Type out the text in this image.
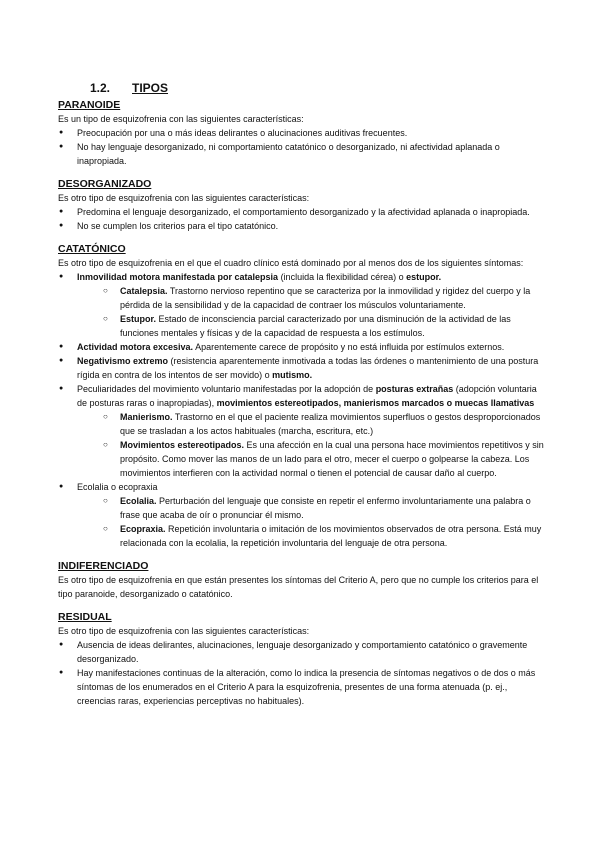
1.2. TIPOS
PARANOIDE

Es un tipo de esquizofrenia con las siguientes características:

● Preocupación por una o más ideas delirantes o alucinaciones auditivas frecuentes.
● No hay lenguaje desorganizado, ni comportamiento catatónico o desorganizado, ni afectividad aplanada o inapropiada.
DESORGANIZADO

Es otro tipo de esquizofrenia con las siguientes características:

● Predomina el lenguaje desorganizado, el comportamiento desorganizado y la afectividad aplanada o inapropiada.
● No se cumplen los criterios para el tipo catatónico.
CATATÓNICO

Es otro tipo de esquizofrenia en el que el cuadro clínico está dominado por al menos dos de los siguientes síntomas:

● Inmovilidad motora manifestada por catalepsia (incluida la flexibilidad cérea) o estupor.
○ Catalepsia. Trastorno nervioso repentino que se caracteriza por la inmovilidad y rigidez del cuerpo y la pérdida de la sensibilidad y de la capacidad de contraer los músculos voluntariamente.
○ Estupor. Estado de inconsciencia parcial caracterizado por una disminución de la actividad de las funciones mentales y físicas y de la capacidad de respuesta a los estímulos.
● Actividad motora excesiva. Aparentemente carece de propósito y no está influida por estímulos externos.
● Negativismo extremo (resistencia aparentemente inmotivada a todas las órdenes o mantenimiento de una postura rígida en contra de los intentos de ser movido) o mutismo.
● Peculiaridades del movimiento voluntario manifestadas por la adopción de posturas extrañas (adopción voluntaria de posturas raras o inapropiadas), movimientos estereotipados, manierismos marcados o muecas llamativas
○ Manierismo. Trastorno en el que el paciente realiza movimientos superfluos o gestos desproporcionados que se trasladan a los actos habituales (marcha, escritura, etc.)
○ Movimientos estereotipados. Es una afección en la cual una persona hace movimientos repetitivos y sin propósito. Como mover las manos de un lado para el otro, mecer el cuerpo o golpearse la cabeza. Los movimientos interfieren con la actividad normal o tienen el potencial de causar daño al cuerpo.
● Ecolalia o ecopraxia
○ Ecolalia. Perturbación del lenguaje que consiste en repetir el enfermo involuntariamente una palabra o frase que acaba de oír o pronunciar él mismo.
○ Ecopraxia. Repetición involuntaria o imitación de los movimientos observados de otra persona. Está muy relacionada con la ecolalia, la repetición involuntaria del lenguaje de otra persona.
INDIFERENCIADO

Es otro tipo de esquizofrenia en que están presentes los síntomas del Criterio A, pero que no cumple los criterios para el tipo paranoide, desorganizado o catatónico.

RESIDUAL

Es otro tipo de esquizofrenia con las siguientes características:

● Ausencia de ideas delirantes, alucinaciones, lenguaje desorganizado y comportamiento catatónico o gravemente desorganizado.
● Hay manifestaciones continuas de la alteración, como lo indica la presencia de síntomas negativos o de dos o más síntomas de los enumerados en el Criterio A para la esquizofrenia, presentes de una forma atenuada (p. ej., creencias raras, experiencias perceptivas no habituales).
